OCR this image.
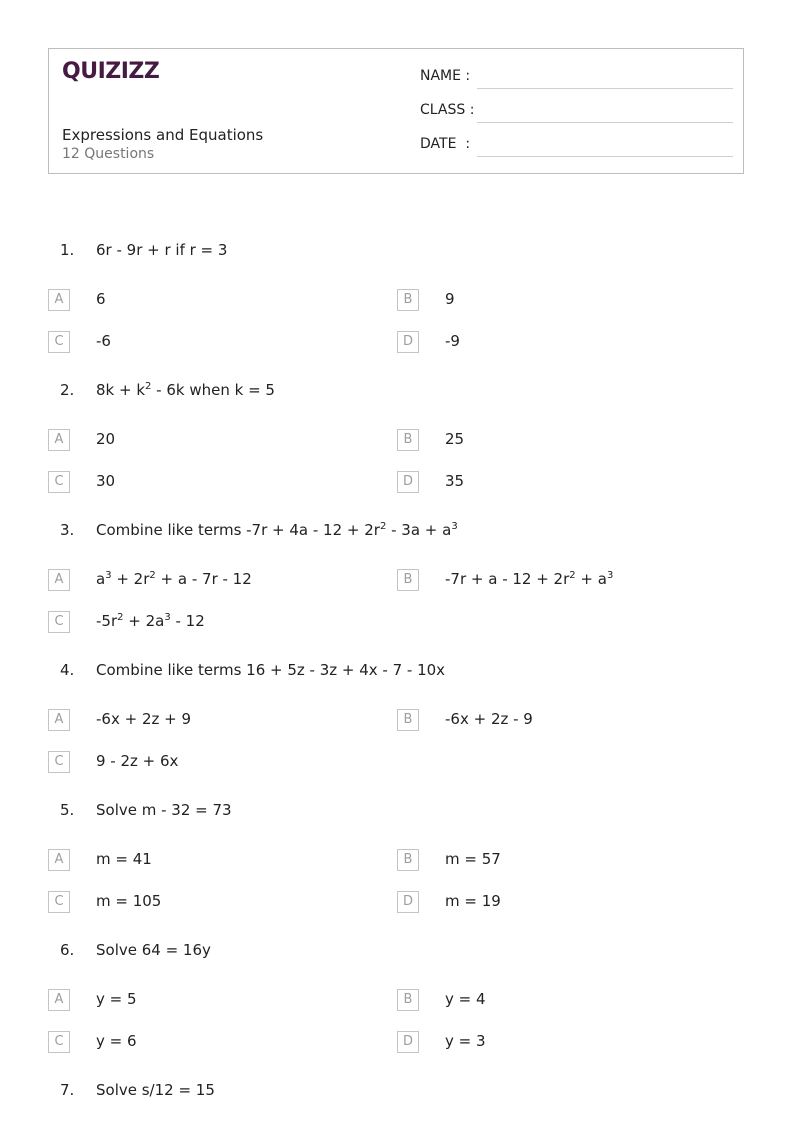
QUIZIZZ
Expressions and Equations
12 Questions
NAME :
CLASS :
DATE  :
1. 6r - 9r + r if r = 3
A	6	B	9
C	-6	D	-9
2. $8k + k^2 - 6k$ when k = 5
A	20	B	25
C	30	D	35
3. Combine like terms $-7r + 4a - 12 + 2r^2 - 3a + a^3$
A	$a^3 + 2r^2 + a - 7r - 12$	B	$-7r + a - 12 + 2r^2 + a^3$
C	$-5r^2 + 2a^3 - 12$
4. Combine like terms 16 + 5z - 3z + 4x - 7 - 10x
A	-6x + 2z + 9	B	-6x + 2z - 9
C	9 - 2z + 6x
5. Solve m - 32 = 73
A	m = 41	B	m = 57
C	m = 105	D	m = 19
6. Solve 64 = 16y
A	y = 5	B	y = 4
C	y = 6	D	y = 3
7. Solve s/12 = 15
